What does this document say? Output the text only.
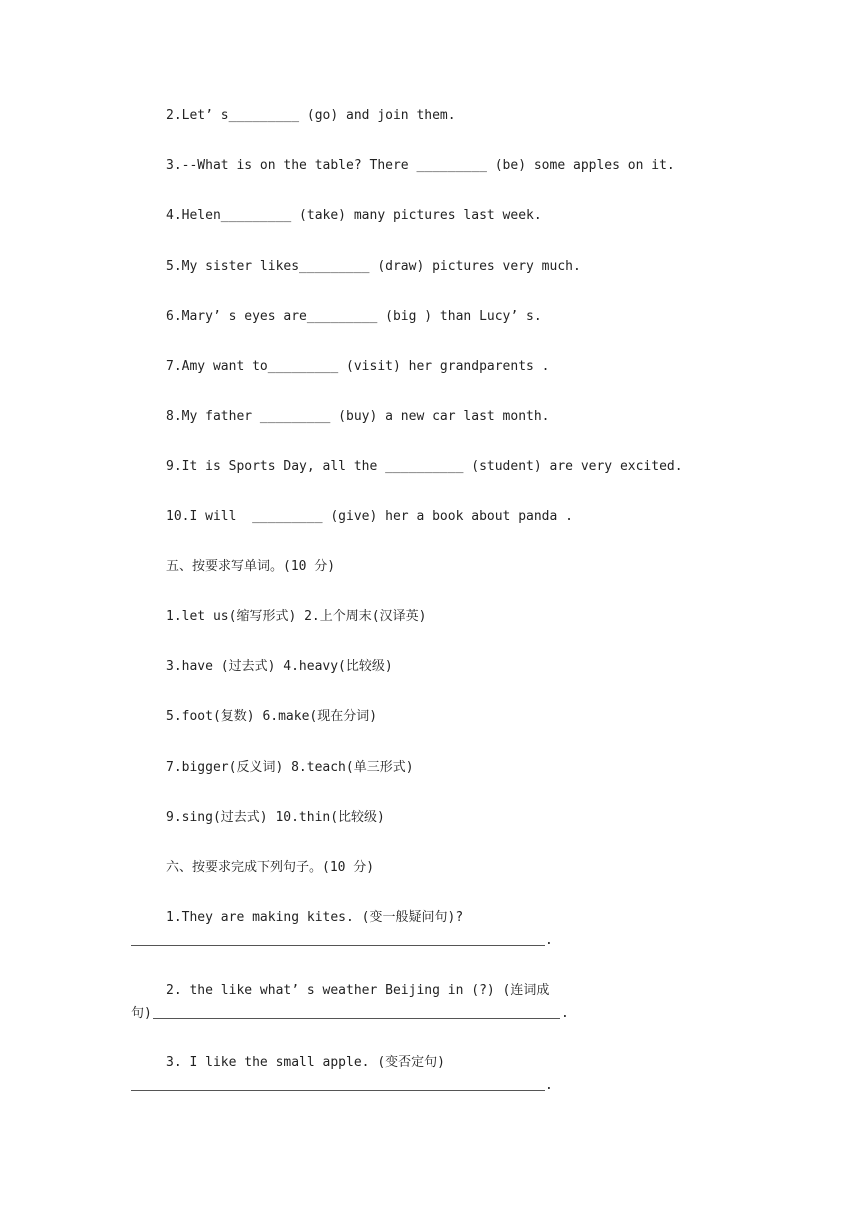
2.Let’ s_________ (go) and join them.
3.--What is on the table? There _________ (be) some apples on it.
4.Helen_________ (take) many pictures last week.
5.My sister likes_________ (draw) pictures very much.
6.Mary’ s eyes are_________ (big ) than Lucy’ s.
7.Amy want to_________ (visit) her grandparents .
8.My father _________ (buy) a new car last month.
9.It is Sports Day, all the __________ (student) are very excited.
10.I will  _________ (give) her a book about panda .
五、按要求写单词。(10 分)
1.let us(缩写形式) 2.上个周末(汉译英)
3.have (过去式) 4.heavy(比较级)
5.foot(复数) 6.make(现在分词)
7.bigger(反义词) 8.teach(单三形式)
9.sing(过去式) 10.thin(比较级)
六、按要求完成下列句子。(10 分)
1.They are making kites. (变一般疑问句)?
.
2. the like what’ s weather Beijing in (?) (连词成
句)	.
3. I like the small apple. (变否定句)
.
